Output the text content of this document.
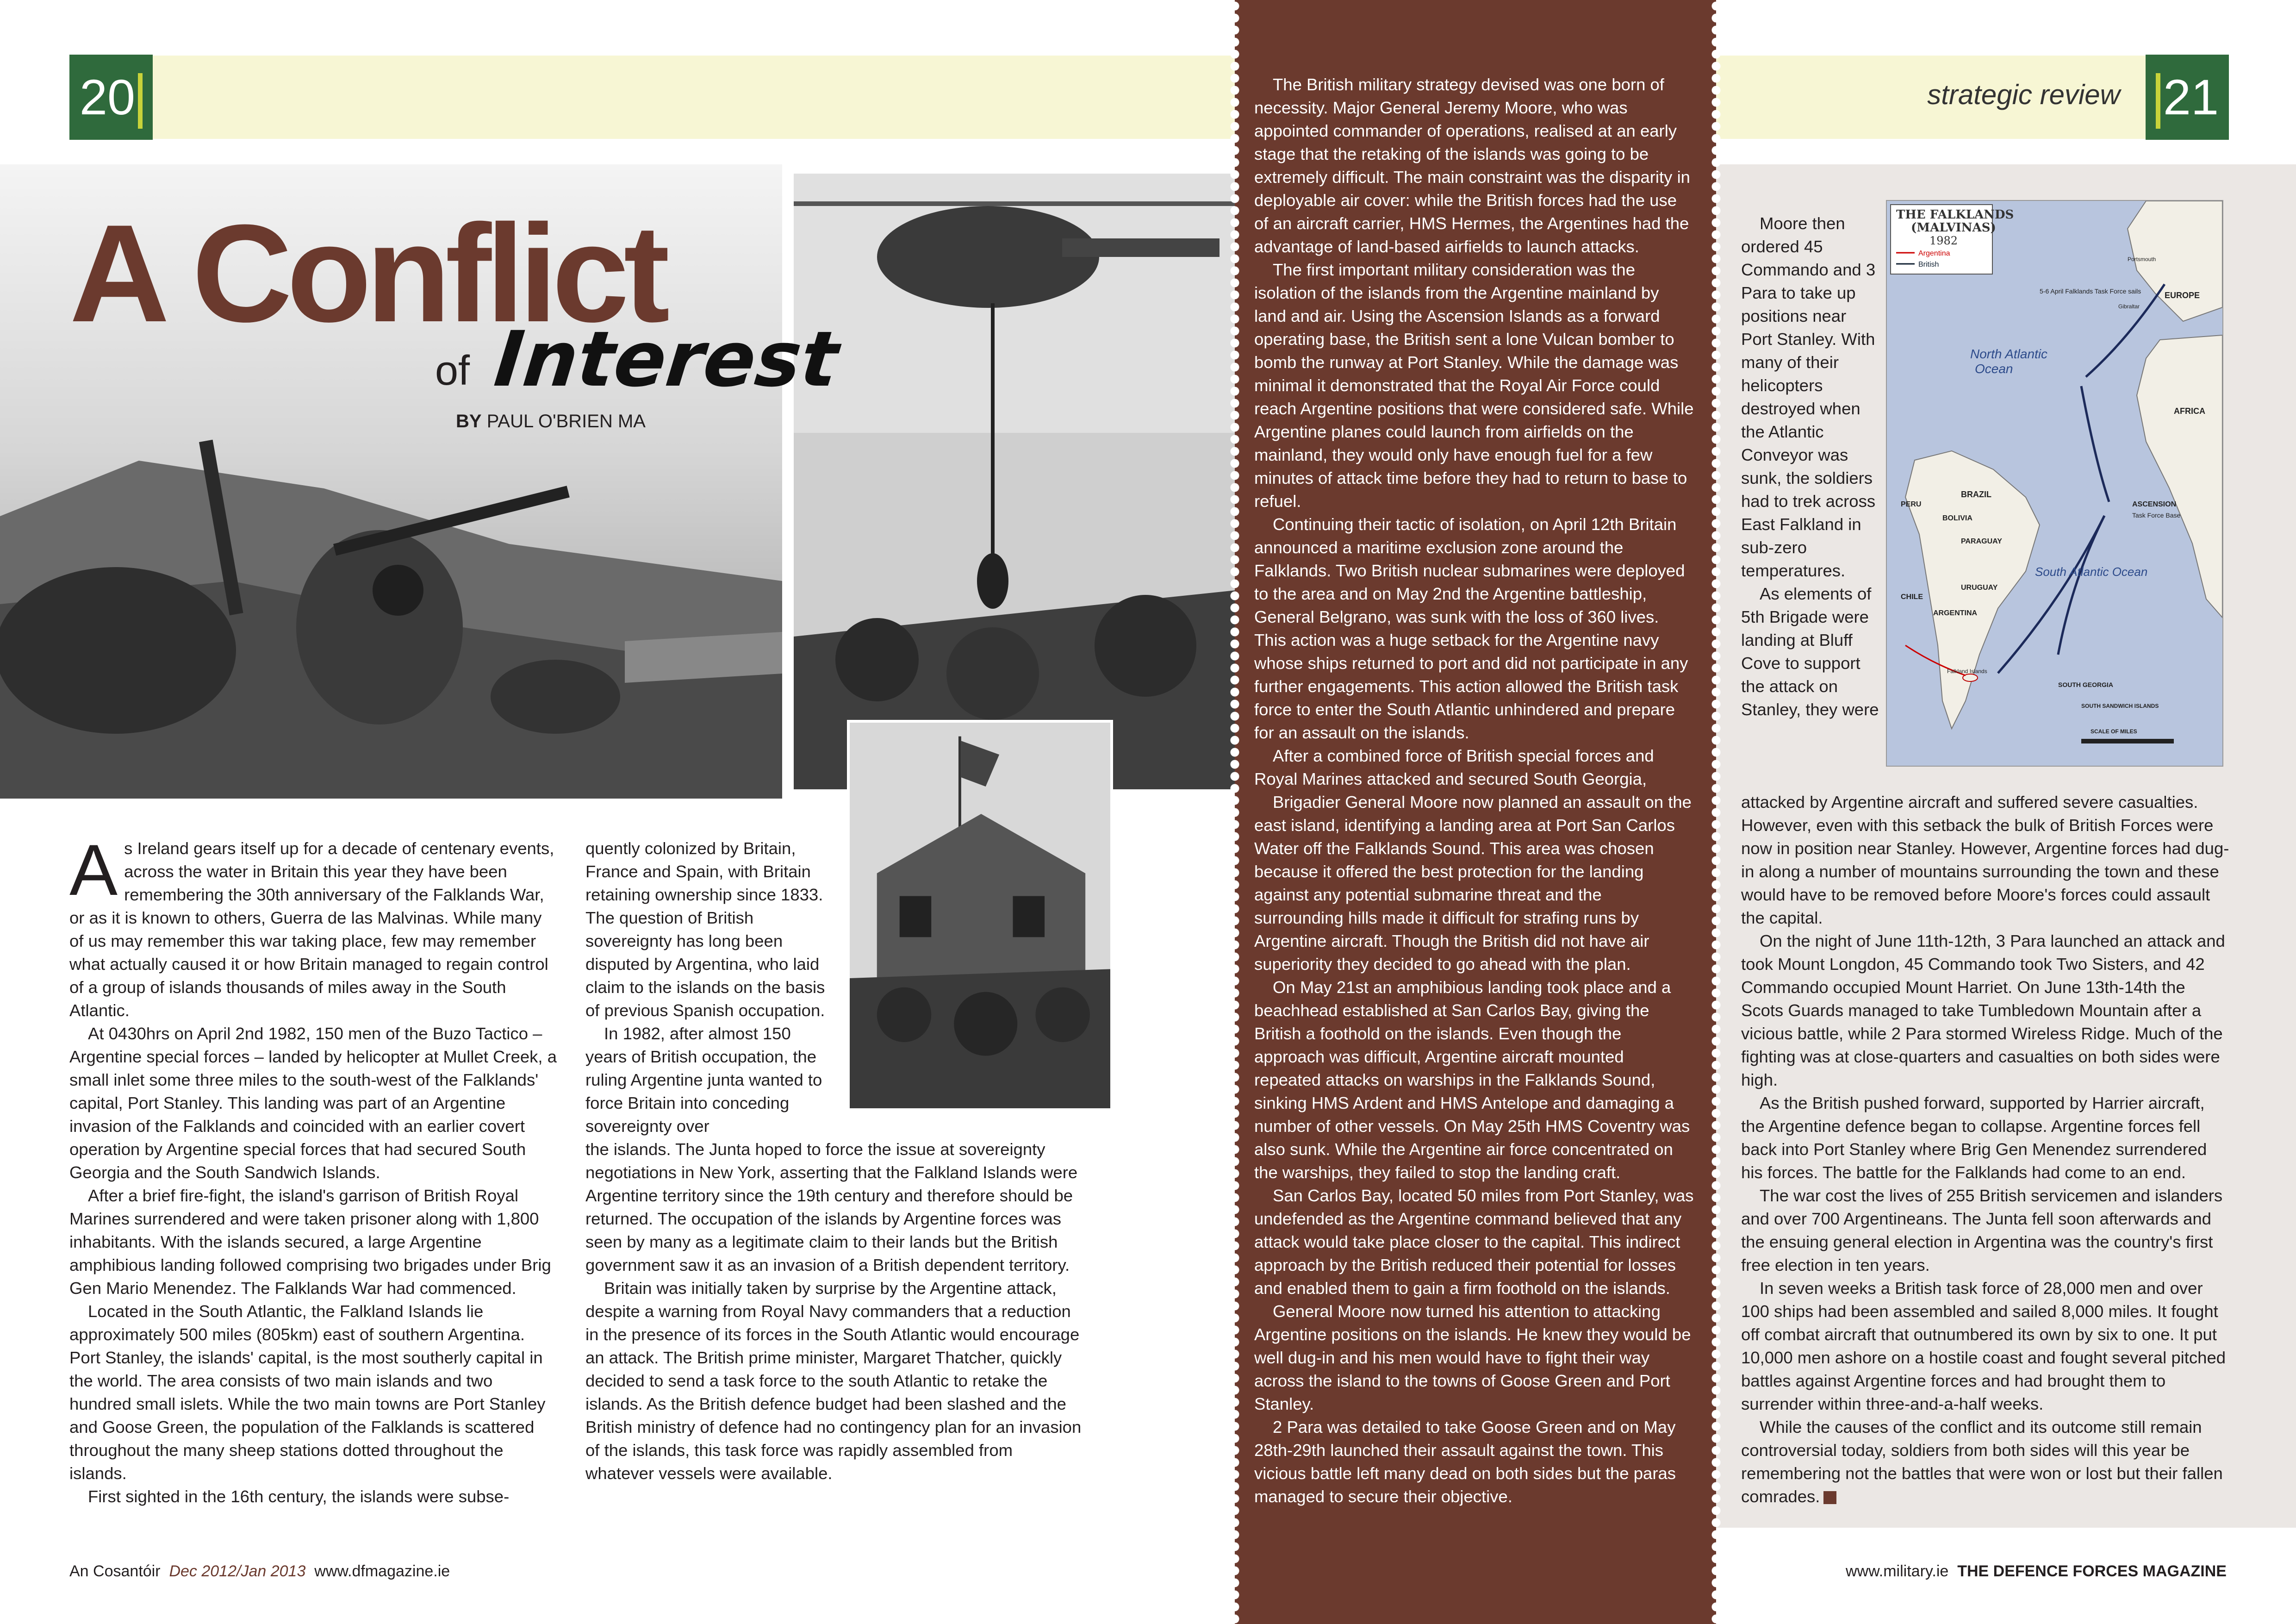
20	21
strategic review
A Conflict
of Interest
BY PAUL O'BRIEN MA

As Ireland gears itself up for a decade of centenary events, across the water in Britain this year they have been remembering the 30th anniversary of the Falklands War, or as it is known to others, Guerra de las Malvinas. While many of us may remember this war taking place, few may remember what actually caused it or how Britain managed to regain control of a group of islands thousands of miles away in the South Atlantic.

At 0430hrs on April 2nd 1982, 150 men of the Buzo Tactico – Argentine special forces – landed by helicopter at Mullet Creek, a small inlet some three miles to the south-west of the Falklands' capital, Port Stanley. This landing was part of an Argentine invasion of the Falklands and coincided with an earlier covert operation by Argentine special forces that had secured South Georgia and the South Sandwich Islands.

After a brief fire-fight, the island's garrison of British Royal Marines surrendered and were taken prisoner along with 1,800 inhabitants. With the islands secured, a large Argentine amphibious landing followed comprising two brigades under Brig Gen Mario Menendez. The Falklands War had commenced.

Located in the South Atlantic, the Falkland Islands lie approximately 500 miles (805km) east of southern Argentina. Port Stanley, the islands' capital, is the most southerly capital in the world. The area consists of two main islands and two hundred small islets. While the two main towns are Port Stanley and Goose Green, the population of the Falklands is scattered throughout the many sheep stations dotted throughout the islands.

First sighted in the 16th century, the islands were subse-

quently colonized by Britain, France and Spain, with Britain retaining ownership since 1833. The question of British sovereignty has long been disputed by Argentina, who laid claim to the islands on the basis of previous Spanish occupation.

In 1982, after almost 150 years of British occupation, the ruling Argentine junta wanted to force Britain into conceding sovereignty over

the islands. The Junta hoped to force the issue at sovereignty negotiations in New York, asserting that the Falkland Islands were Argentine territory since the 19th century and therefore should be returned. The occupation of the islands by Argentine forces was seen by many as a legitimate claim to their lands but the British government saw it as an invasion of a British dependent territory.

Britain was initially taken by surprise by the Argentine attack, despite a warning from Royal Navy commanders that a reduction in the presence of its forces in the South Atlantic would encourage an attack. The British prime minister, Margaret Thatcher, quickly decided to send a task force to the south Atlantic to retake the islands. As the British defence budget had been slashed and the British ministry of defence had no contingency plan for an invasion of the islands, this task force was rapidly assembled from whatever vessels were available.

The British military strategy devised was one born of necessity. Major General Jeremy Moore, who was appointed commander of operations, realised at an early stage that the retaking of the islands was going to be extremely difficult. The main constraint was the disparity in deployable air cover: while the British forces had the use of an aircraft carrier, HMS Hermes, the Argentines had the advantage of land-based airfields to launch attacks.

The first important military consideration was the isolation of the islands from the Argentine mainland by land and air. Using the Ascension Islands as a forward operating base, the British sent a lone Vulcan bomber to bomb the runway at Port Stanley. While the damage was minimal it demonstrated that the Royal Air Force could reach Argentine positions that were considered safe. While Argentine planes could launch from airfields on the mainland, they would only have enough fuel for a few minutes of attack time before they had to return to base to refuel.

Continuing their tactic of isolation, on April 12th Britain announced a maritime exclusion zone around the Falklands. Two British nuclear submarines were deployed to the area and on May 2nd the Argentine battleship, General Belgrano, was sunk with the loss of 360 lives. This action was a huge setback for the Argentine navy whose ships returned to port and did not participate in any further engagements. This action allowed the British task force to enter the South Atlantic unhindered and prepare for an assault on the islands.

After a combined force of British special forces and Royal Marines attacked and secured South Georgia,

Brigadier General Moore now planned an assault on the east island, identifying a landing area at Port San Carlos Water off the Falklands Sound. This area was chosen because it offered the best protection for the landing against any potential submarine threat and the surrounding hills made it difficult for strafing runs by Argentine aircraft. Though the British did not have air superiority they decided to go ahead with the plan.

On May 21st an amphibious landing took place and a beachhead established at San Carlos Bay, giving the British a foothold on the islands. Even though the approach was difficult, Argentine aircraft mounted repeated attacks on warships in the Falklands Sound, sinking HMS Ardent and HMS Antelope and damaging a number of other vessels. On May 25th HMS Coventry was also sunk. While the Argentine air force concentrated on the warships, they failed to stop the landing craft.

San Carlos Bay, located 50 miles from Port Stanley, was undefended as the Argentine command believed that any attack would take place closer to the capital. This indirect approach by the British reduced their potential for losses and enabled them to gain a firm foothold on the islands.

General Moore now turned his attention to attacking Argentine positions on the islands. He knew they would be well dug-in and his men would have to fight their way across the island to the towns of Goose Green and Port Stanley.

2 Para was detailed to take Goose Green and on May 28th-29th launched their assault against the town. This vicious battle left many dead on both sides but the paras managed to secure their objective.

THE FALKLANDS
(MALVINAS)
1982
Argentina
British
EUROPE
Portsmouth
Gibraltar
5-6 April Falklands Task Force sails
North Atlantic
Ocean
AFRICA
BRAZIL
PERU
BOLIVIA
PARAGUAY
CHILE
URUGUAY
ARGENTINA
South Atlantic Ocean
ASCENSION
Task Force Base
Falkland Islands
SOUTH GEORGIA
SOUTH SANDWICH ISLANDS
SCALE OF MILES

Moore then ordered 45 Commando and 3 Para to take up positions near Port Stanley. With many of their helicopters destroyed when the Atlantic Conveyor was sunk, the soldiers had to trek across East Falkland in sub-zero temperatures.

As elements of 5th Brigade were landing at Bluff Cove to support the attack on Stanley, they were

attacked by Argentine aircraft and suffered severe casualties. However, even with this setback the bulk of British Forces were now in position near Stanley. However, Argentine forces had dug-in along a number of mountains surrounding the town and these would have to be removed before Moore's forces could assault the capital.

On the night of June 11th-12th, 3 Para launched an attack and took Mount Longdon, 45 Commando took Two Sisters, and 42 Commando occupied Mount Harriet. On June 13th-14th the Scots Guards managed to take Tumbledown Mountain after a vicious battle, while 2 Para stormed Wireless Ridge. Much of the fighting was at close-quarters and casualties on both sides were high.

As the British pushed forward, supported by Harrier aircraft, the Argentine defence began to collapse. Argentine forces fell back into Port Stanley where Brig Gen Menendez surrendered his forces. The battle for the Falklands had come to an end.

The war cost the lives of 255 British servicemen and islanders and over 700 Argentineans. The Junta fell soon afterwards and the ensuing general election in Argentina was the country's first free election in ten years.

In seven weeks a British task force of 28,000 men and over 100 ships had been assembled and sailed 8,000 miles. It fought off combat aircraft that outnumbered its own by six to one. It put 10,000 men ashore on a hostile coast and fought several pitched battles against Argentine forces and had brought them to surrender within three-and-a-half weeks.

While the causes of the conflict and its outcome still remain controversial today, soldiers from both sides will this year be remembering not the battles that were won or lost but their fallen comrades.

An Cosantóir Dec 2012/Jan 2013 www.dfmagazine.ie	www.military.ie THE DEFENCE FORCES MAGAZINE
